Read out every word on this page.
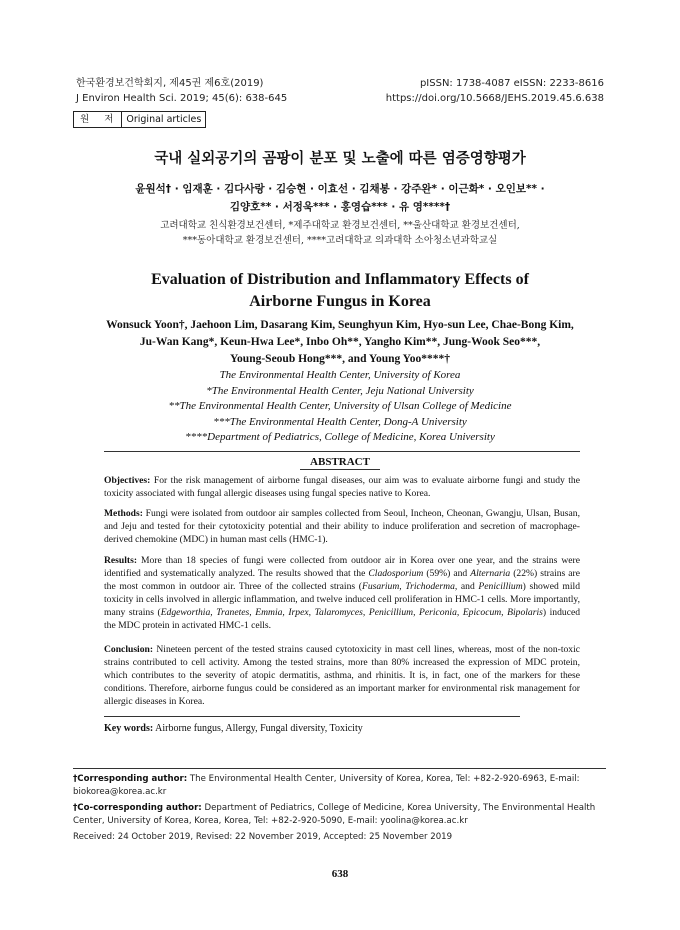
한국환경보건학회지, 제45권 제6호(2019)
J Environ Health Sci. 2019; 45(6): 638-645
pISSN: 1738-4087 eISSN: 2233-8616
https://doi.org/10.5668/JEHS.2019.45.6.638
원 저 Original articles
국내 실외공기의 곰팡이 분포 및 노출에 따른 염증영향평가
윤원석† · 임재훈 · 김다사랑 · 김승현 · 이효선 · 김채봉 · 강주완* · 이근화* · 오인보** ·
김양호** · 서정욱*** · 홍영습*** · 유 영****†
고려대학교 친식환경보건센터, *제주대학교 환경보건센터, **울산대학교 환경보건센터,
***동아대학교 환경보건센터, ****고려대학교 의과대학 소아청소년과학교실
Evaluation of Distribution and Inflammatory Effects of
Airborne Fungus in Korea
Wonsuck Yoon†, Jaehoon Lim, Dasarang Kim, Seunghyun Kim, Hyo-sun Lee, Chae-Bong Kim,
Ju-Wan Kang*, Keun-Hwa Lee*, Inbo Oh**, Yangho Kim**, Jung-Wook Seo***,
Young-Seoub Hong***, and Young Yoo****†
The Environmental Health Center, University of Korea
*The Environmental Health Center, Jeju National University
**The Environmental Health Center, University of Ulsan College of Medicine
***The Environmental Health Center, Dong-A University
****Department of Pediatrics, College of Medicine, Korea University
ABSTRACT

Objectives: For the risk management of airborne fungal diseases, our aim was to evaluate airborne fungi and study the toxicity associated with fungal allergic diseases using fungal species native to Korea.

Methods: Fungi were isolated from outdoor air samples collected from Seoul, Incheon, Cheonan, Gwangju, Ulsan, Busan, and Jeju and tested for their cytotoxicity potential and their ability to induce proliferation and secretion of macrophage-derived chemokine (MDC) in human mast cells (HMC-1).

Results: More than 18 species of fungi were collected from outdoor air in Korea over one year, and the strains were identified and systematically analyzed. The results showed that the Cladosporium (59%) and Alternaria (22%) strains are the most common in outdoor air. Three of the collected strains (Fusarium, Trichoderma, and Penicillium) showed mild toxicity in cells involved in allergic inflammation, and twelve induced cell proliferation in HMC-1 cells. More importantly, many strains (Edgeworthia, Tranetes, Emmia, Irpex, Talaromyces, Penicillium, Periconia, Epicocum, Bipolaris) induced the MDC protein in activated HMC-1 cells.

Conclusion: Nineteen percent of the tested strains caused cytotoxicity in mast cell lines, whereas, most of the non-toxic strains contributed to cell activity. Among the tested strains, more than 80% increased the expression of MDC protein, which contributes to the severity of atopic dermatitis, asthma, and rhinitis. It is, in fact, one of the markers for these conditions. Therefore, airborne fungus could be considered as an important marker for environmental risk management for allergic diseases in Korea.

Key words: Airborne fungus, Allergy, Fungal diversity, Toxicity
†Corresponding author: The Environmental Health Center, University of Korea, Korea, Tel: +82-2-920-6963, E-mail: biokorea@korea.ac.kr
†Co-corresponding author: Department of Pediatrics, College of Medicine, Korea University, The Environmental Health Center, University of Korea, Korea, Korea, Tel: +82-2-920-5090, E-mail: yoolina@korea.ac.kr
Received: 24 October 2019, Revised: 22 November 2019, Accepted: 25 November 2019
638
